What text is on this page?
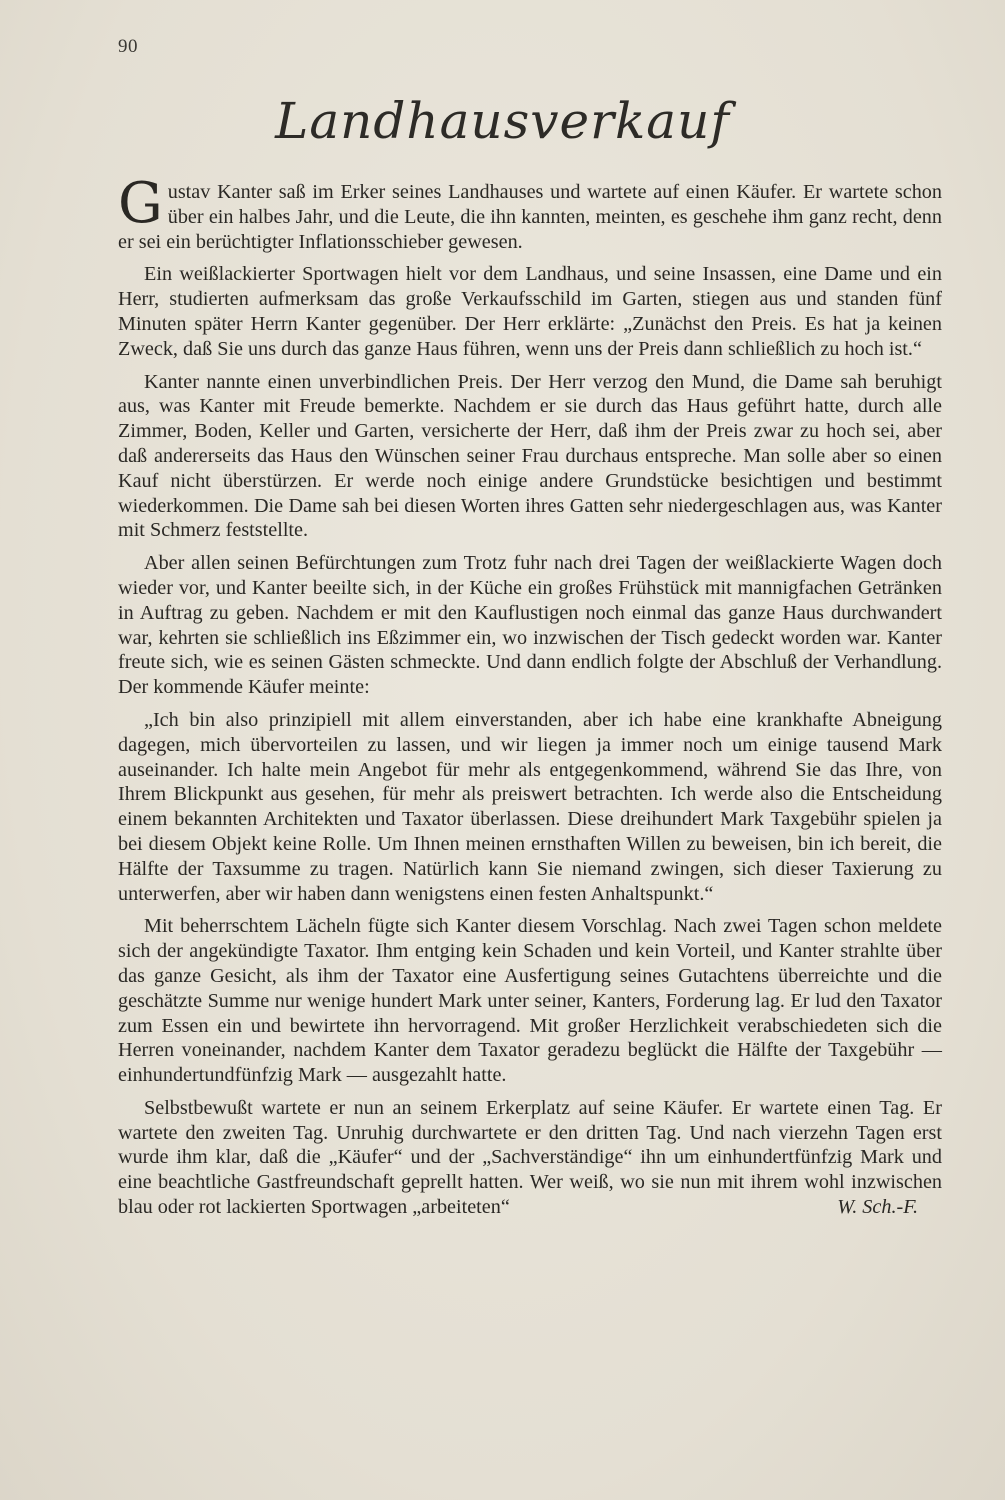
90
Landhausverkauf

Gustav Kanter saß im Erker seines Landhauses und wartete auf einen Käufer. Er wartete schon über ein halbes Jahr, und die Leute, die ihn kannten, meinten, es geschehe ihm ganz recht, denn er sei ein berüchtigter Inflationsschieber gewesen.

Ein weißlackierter Sportwagen hielt vor dem Landhaus, und seine Insassen, eine Dame und ein Herr, studierten aufmerksam das große Verkaufsschild im Garten, stiegen aus und standen fünf Minuten später Herrn Kanter gegenüber. Der Herr erklärte: „Zunächst den Preis. Es hat ja keinen Zweck, daß Sie uns durch das ganze Haus führen, wenn uns der Preis dann schließlich zu hoch ist.“

Kanter nannte einen unverbindlichen Preis. Der Herr verzog den Mund, die Dame sah beruhigt aus, was Kanter mit Freude bemerkte. Nachdem er sie durch das Haus geführt hatte, durch alle Zimmer, Boden, Keller und Garten, versicherte der Herr, daß ihm der Preis zwar zu hoch sei, aber daß andererseits das Haus den Wünschen seiner Frau durchaus entspreche. Man solle aber so einen Kauf nicht überstürzen. Er werde noch einige andere Grundstücke besichtigen und bestimmt wiederkommen. Die Dame sah bei diesen Worten ihres Gatten sehr niedergeschlagen aus, was Kanter mit Schmerz feststellte.

Aber allen seinen Befürchtungen zum Trotz fuhr nach drei Tagen der weißlackierte Wagen doch wieder vor, und Kanter beeilte sich, in der Küche ein großes Frühstück mit mannigfachen Getränken in Auftrag zu geben. Nachdem er mit den Kauflustigen noch einmal das ganze Haus durchwandert war, kehrten sie schließlich ins Eßzimmer ein, wo inzwischen der Tisch gedeckt worden war. Kanter freute sich, wie es seinen Gästen schmeckte. Und dann endlich folgte der Abschluß der Verhandlung. Der kommende Käufer meinte:

„Ich bin also prinzipiell mit allem einverstanden, aber ich habe eine krankhafte Abneigung dagegen, mich übervorteilen zu lassen, und wir liegen ja immer noch um einige tausend Mark auseinander. Ich halte mein Angebot für mehr als entgegenkommend, während Sie das Ihre, von Ihrem Blickpunkt aus gesehen, für mehr als preiswert betrachten. Ich werde also die Entscheidung einem bekannten Architekten und Taxator überlassen. Diese dreihundert Mark Taxgebühr spielen ja bei diesem Objekt keine Rolle. Um Ihnen meinen ernsthaften Willen zu beweisen, bin ich bereit, die Hälfte der Taxsumme zu tragen. Natürlich kann Sie niemand zwingen, sich dieser Taxierung zu unterwerfen, aber wir haben dann wenigstens einen festen Anhaltspunkt.“

Mit beherrschtem Lächeln fügte sich Kanter diesem Vorschlag. Nach zwei Tagen schon meldete sich der angekündigte Taxator. Ihm entging kein Schaden und kein Vorteil, und Kanter strahlte über das ganze Gesicht, als ihm der Taxator eine Ausfertigung seines Gutachtens überreichte und die geschätzte Summe nur wenige hundert Mark unter seiner, Kanters, Forderung lag. Er lud den Taxator zum Essen ein und bewirtete ihn hervorragend. Mit großer Herzlichkeit verabschiedeten sich die Herren voneinander, nachdem Kanter dem Taxator geradezu beglückt die Hälfte der Taxgebühr — einhundertundfünfzig Mark — ausgezahlt hatte.

Selbstbewußt wartete er nun an seinem Erkerplatz auf seine Käufer. Er wartete einen Tag. Er wartete den zweiten Tag. Unruhig durchwartete er den dritten Tag. Und nach vierzehn Tagen erst wurde ihm klar, daß die „Käufer“ und der „Sachverständige“ ihn um einhundertfünfzig Mark und eine beachtliche Gastfreundschaft geprellt hatten. Wer weiß, wo sie nun mit ihrem wohl inzwischen blau oder rot lackierten Sportwagen „arbeiteten“	W. Sch.-F.
